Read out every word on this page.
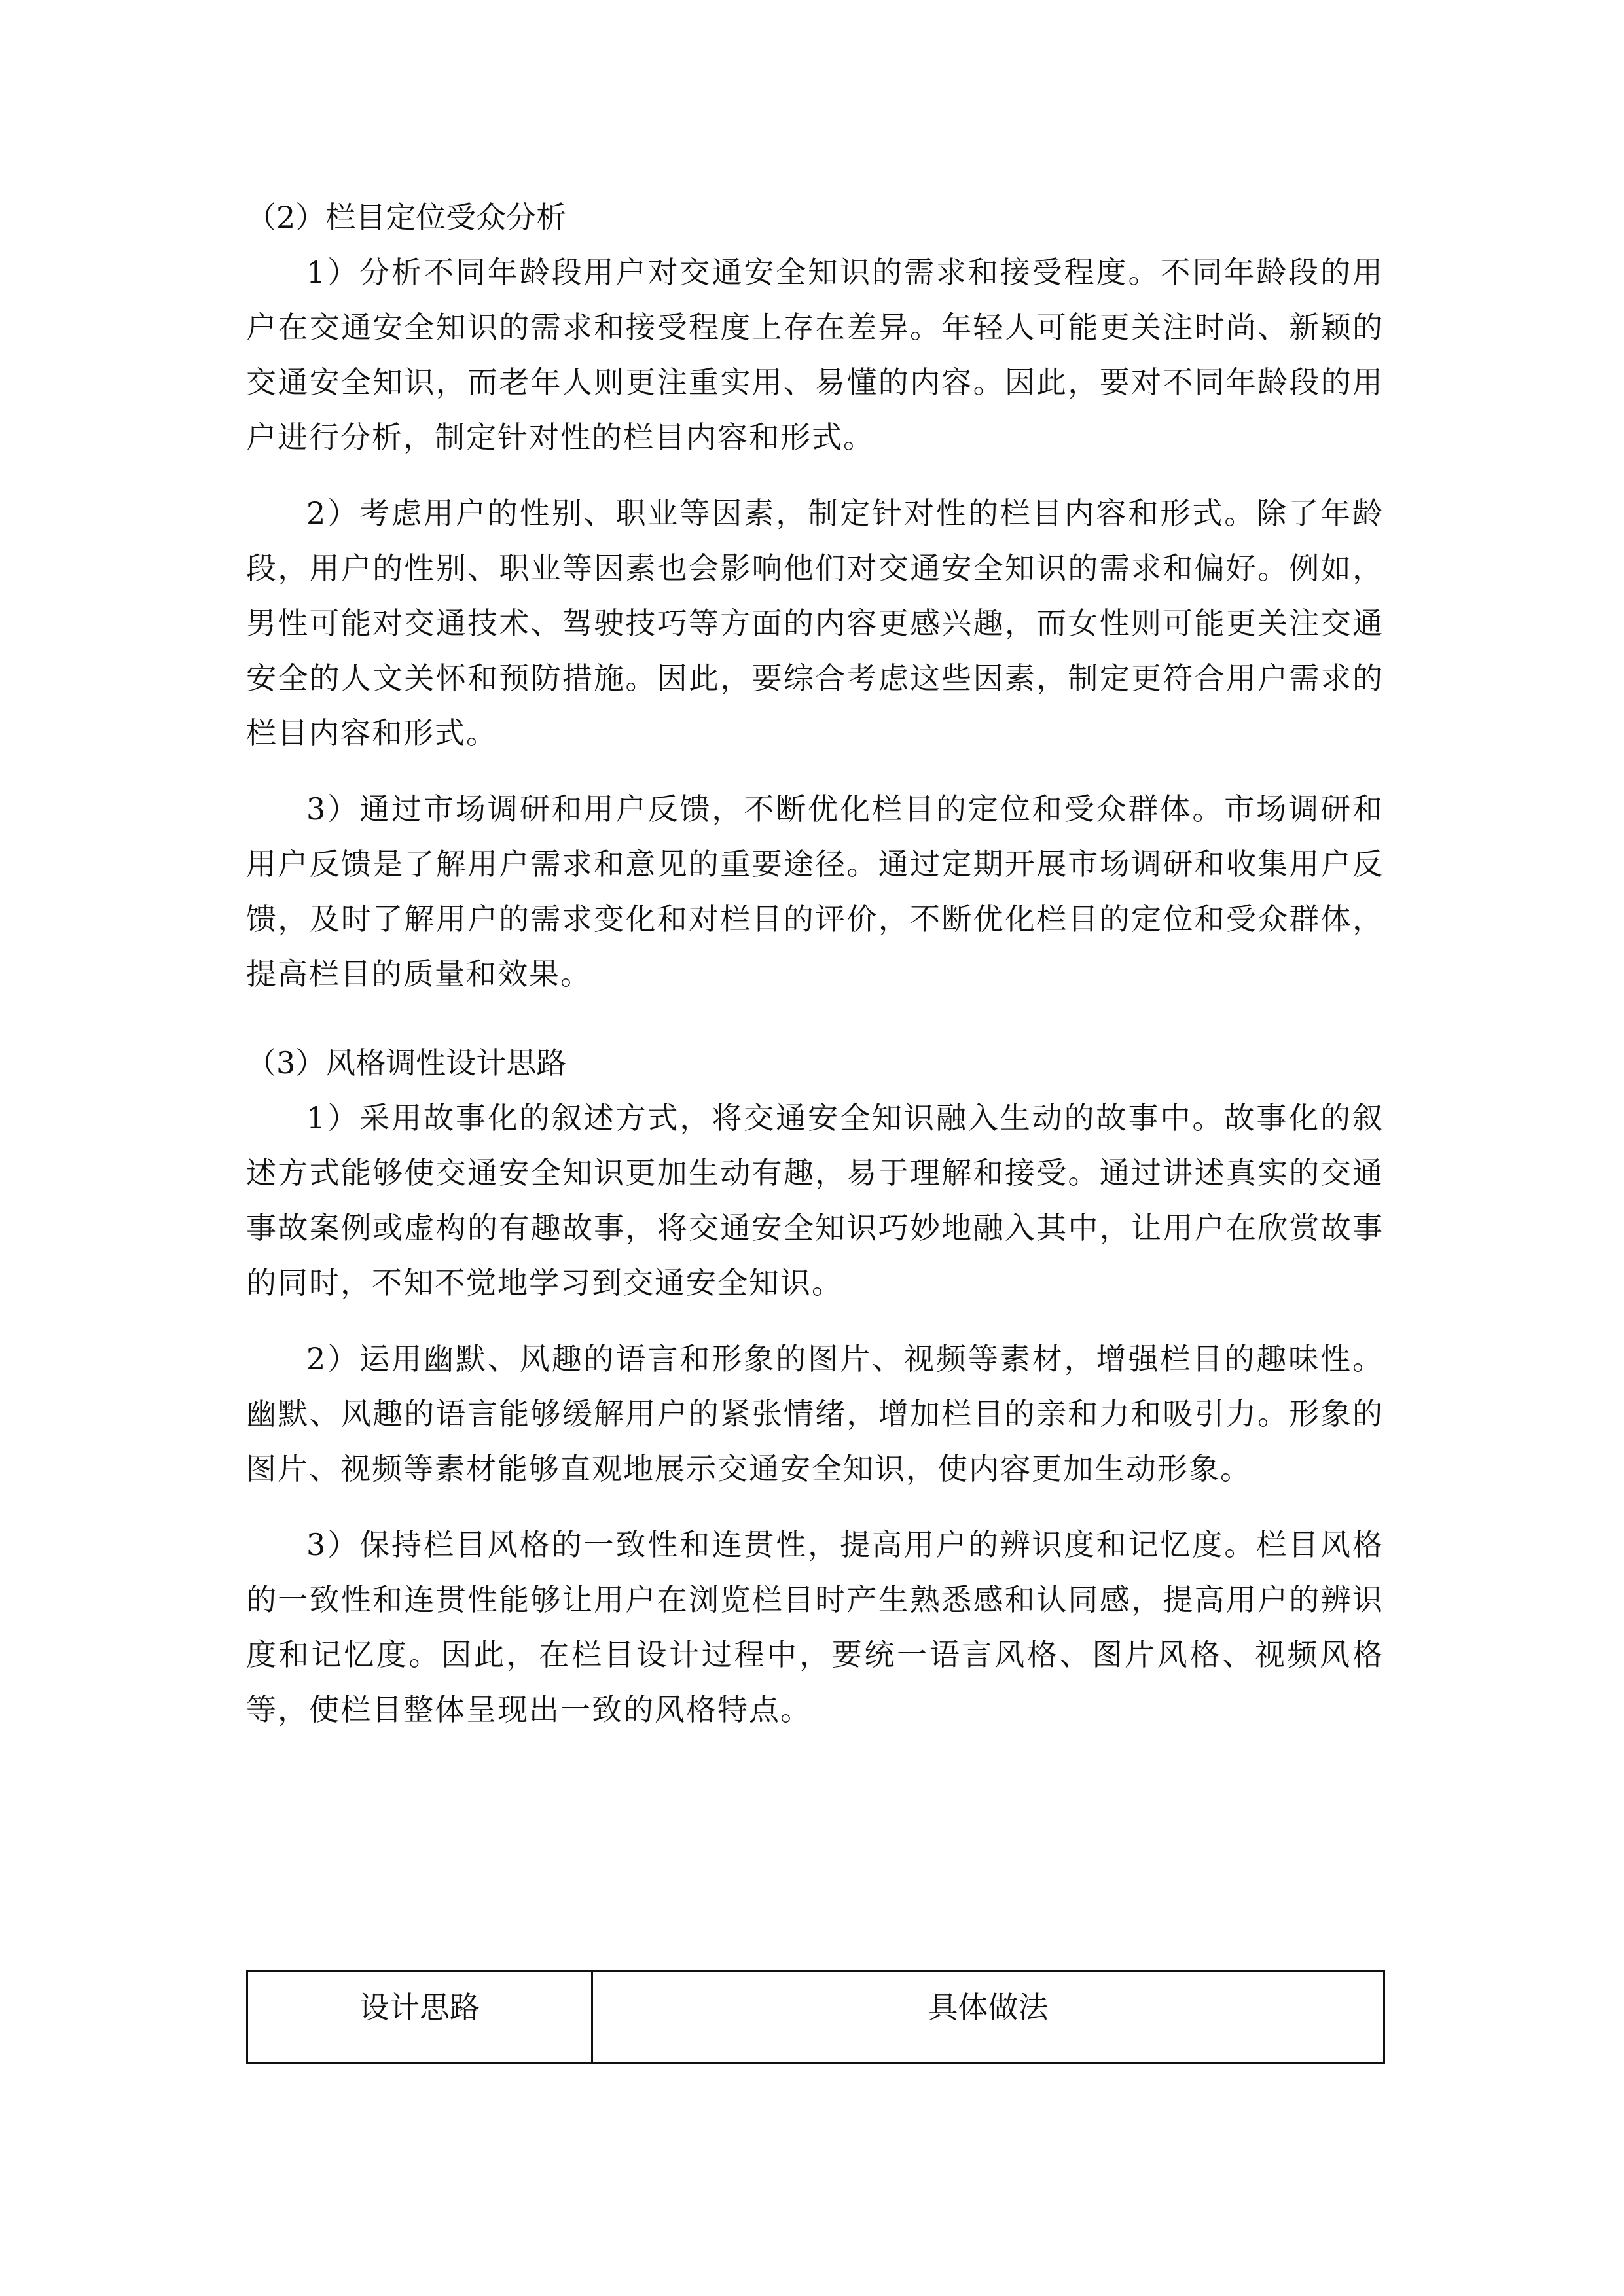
（2）栏目定位受众分析

1）分析不同年龄段用户对交通安全知识的需求和接受程度。不同年龄段的用户在交通安全知识的需求和接受程度上存在差异。年轻人可能更关注时尚、新颖的交通安全知识，而老年人则更注重实用、易懂的内容。因此，要对不同年龄段的用户进行分析，制定针对性的栏目内容和形式。

2）考虑用户的性别、职业等因素，制定针对性的栏目内容和形式。除了年龄段，用户的性别、职业等因素也会影响他们对交通安全知识的需求和偏好。例如，男性可能对交通技术、驾驶技巧等方面的内容更感兴趣，而女性则可能更关注交通安全的人文关怀和预防措施。因此，要综合考虑这些因素，制定更符合用户需求的栏目内容和形式。

3）通过市场调研和用户反馈，不断优化栏目的定位和受众群体。市场调研和用户反馈是了解用户需求和意见的重要途径。通过定期开展市场调研和收集用户反馈，及时了解用户的需求变化和对栏目的评价，不断优化栏目的定位和受众群体，提高栏目的质量和效果。

（3）风格调性设计思路

1）采用故事化的叙述方式，将交通安全知识融入生动的故事中。故事化的叙述方式能够使交通安全知识更加生动有趣，易于理解和接受。通过讲述真实的交通事故案例或虚构的有趣故事，将交通安全知识巧妙地融入其中，让用户在欣赏故事的同时，不知不觉地学习到交通安全知识。

2）运用幽默、风趣的语言和形象的图片、视频等素材，增强栏目的趣味性。幽默、风趣的语言能够缓解用户的紧张情绪，增加栏目的亲和力和吸引力。形象的图片、视频等素材能够直观地展示交通安全知识，使内容更加生动形象。

3）保持栏目风格的一致性和连贯性，提高用户的辨识度和记忆度。栏目风格的一致性和连贯性能够让用户在浏览栏目时产生熟悉感和认同感，提高用户的辨识度和记忆度。因此，在栏目设计过程中，要统一语言风格、图片风格、视频风格等，使栏目整体呈现出一致的风格特点。

设计思路	具体做法
